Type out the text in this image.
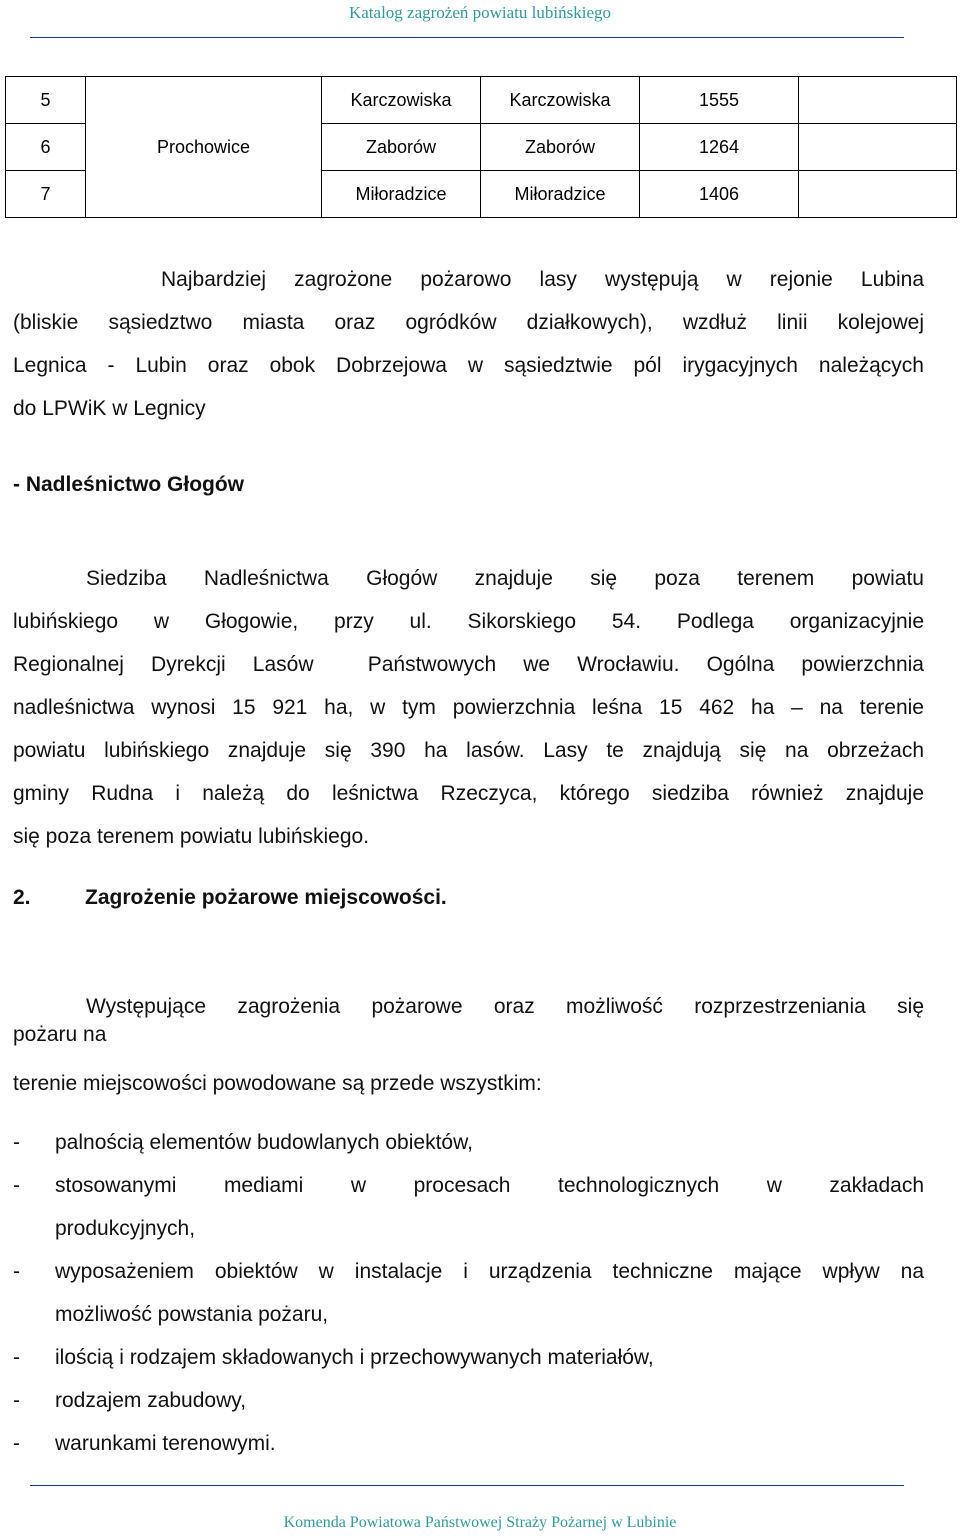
Katalog zagrożeń powiatu lubińskiego
5	Prochowice	Karczowiska	Karczowiska	1555	
6		Zaborów	Zaborów	1264	
7		Miłoradzice	Miłoradzice	1406	
Najbardziej zagrożone pożarowo lasy występują w rejonie Lubina
(bliskie sąsiedztwo miasta oraz ogródków działkowych), wzdłuż linii kolejowej
Legnica - Lubin oraz obok Dobrzejowa w sąsiedztwie pól irygacyjnych należących
do LPWiK w Legnicy
- Nadleśnictwo Głogów
Siedziba Nadleśnictwa Głogów znajduje się poza terenem powiatu
lubińskiego w Głogowie, przy ul. Sikorskiego 54. Podlega organizacyjnie
Regionalnej Dyrekcji Lasów  Państwowych we Wrocławiu. Ogólna powierzchnia
nadleśnictwa wynosi 15 921 ha, w tym powierzchnia leśna 15 462 ha – na terenie
powiatu lubińskiego znajduje się 390 ha lasów. Lasy te znajdują się na obrzeżach
gminy Rudna i należą do leśnictwa Rzeczyca, którego siedziba również znajduje
się poza terenem powiatu lubińskiego.
2.	Zagrożenie pożarowe miejscowości.
Występujące zagrożenia pożarowe oraz możliwość rozprzestrzeniania się
pożaru na
terenie miejscowości powodowane są przede wszystkim:
- palnością elementów budowlanych obiektów,
- stosowanymi mediami w procesach technologicznych w zakładach
produkcyjnych,
- wyposażeniem obiektów w instalacje i urządzenia techniczne mające wpływ na
możliwość powstania pożaru,
- ilością i rodzajem składowanych i przechowywanych materiałów,
- rodzajem zabudowy,
- warunkami terenowymi.
Komenda Powiatowa Państwowej Straży Pożarnej w Lubinie
